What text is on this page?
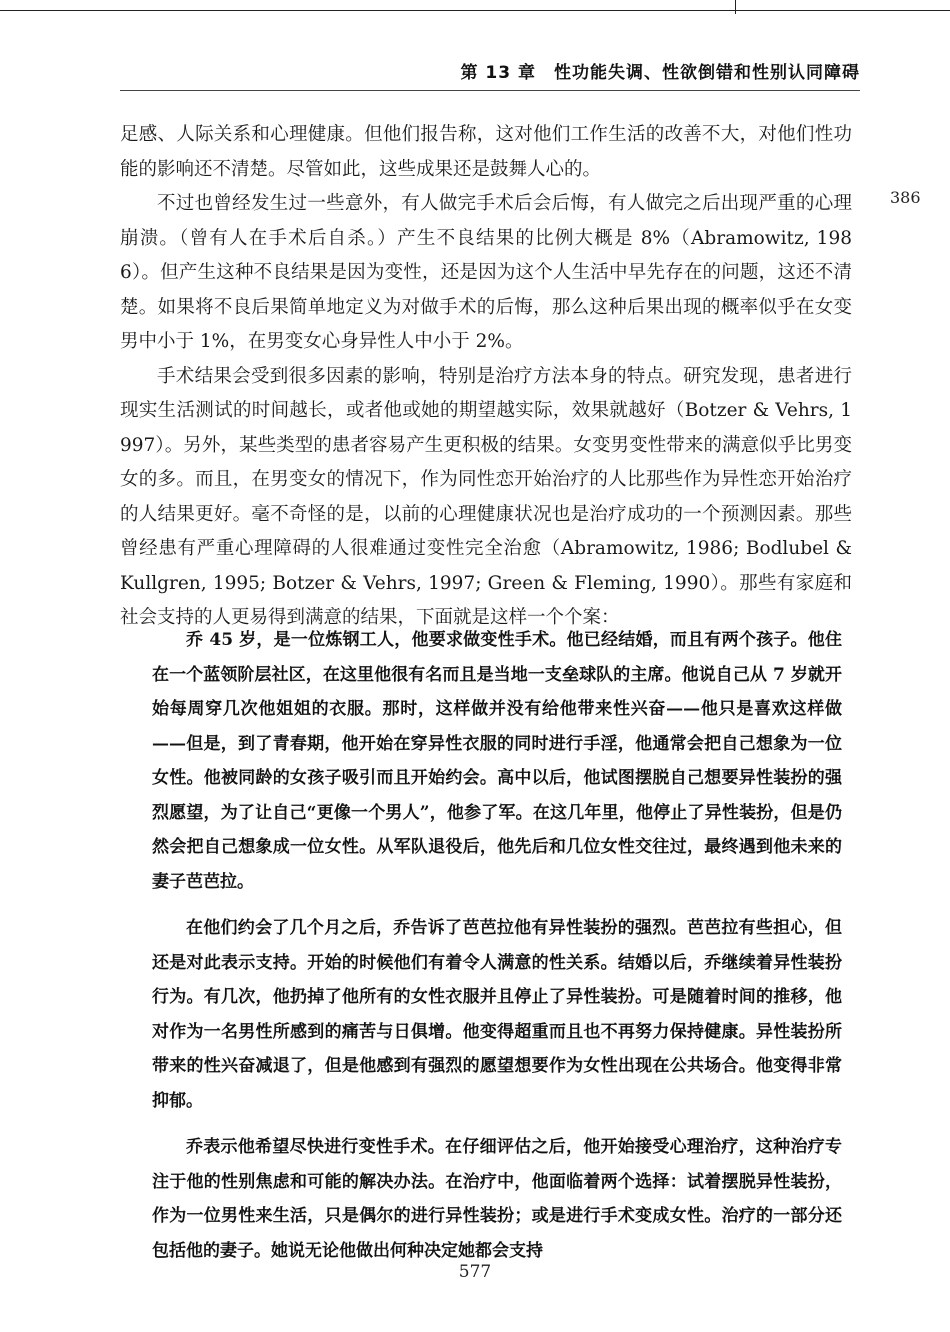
第 13 章　性功能失调、性欲倒错和性别认同障碍
386

足感、人际关系和心理健康。但他们报告称，这对他们工作生活的改善不大，对他们性功能的影响还不清楚。尽管如此，这些成果还是鼓舞人心的。

不过也曾经发生过一些意外，有人做完手术后会后悔，有人做完之后出现严重的心理崩溃。（曾有人在手术后自杀。）产生不良结果的比例大概是 8%（Abramowitz, 1986）。但产生这种不良结果是因为变性，还是因为这个人生活中早先存在的问题，这还不清楚。如果将不良后果简单地定义为对做手术的后悔，那么这种后果出现的概率似乎在女变男中小于 1%，在男变女心身异性人中小于 2%。

手术结果会受到很多因素的影响，特别是治疗方法本身的特点。研究发现，患者进行现实生活测试的时间越长，或者他或她的期望越实际，效果就越好（Botzer & Vehrs, 1997）。另外，某些类型的患者容易产生更积极的结果。女变男变性带来的满意似乎比男变女的多。而且，在男变女的情况下，作为同性恋开始治疗的人比那些作为异性恋开始治疗的人结果更好。毫不奇怪的是，以前的心理健康状况也是治疗成功的一个预测因素。那些曾经患有严重心理障碍的人很难通过变性完全治愈（Abramowitz, 1986; Bodlubel & Kullgren, 1995; Botzer & Vehrs, 1997; Green & Fleming, 1990）。那些有家庭和社会支持的人更易得到满意的结果，下面就是这样一个个案：

乔 45 岁，是一位炼钢工人，他要求做变性手术。他已经结婚，而且有两个孩子。他住在一个蓝领阶层社区，在这里他很有名而且是当地一支垒球队的主席。他说自己从 7 岁就开始每周穿几次他姐姐的衣服。那时，这样做并没有给他带来性兴奋——他只是喜欢这样做——但是，到了青春期，他开始在穿异性衣服的同时进行手淫，他通常会把自己想象为一位女性。他被同龄的女孩子吸引而且开始约会。高中以后，他试图摆脱自己想要异性装扮的强烈愿望，为了让自己“更像一个男人”，他参了军。在这几年里，他停止了异性装扮，但是仍然会把自己想象成一位女性。从军队退役后，他先后和几位女性交往过，最终遇到他未来的妻子芭芭拉。

在他们约会了几个月之后，乔告诉了芭芭拉他有异性装扮的强烈。芭芭拉有些担心，但还是对此表示支持。开始的时候他们有着令人满意的性关系。结婚以后，乔继续着异性装扮行为。有几次，他扔掉了他所有的女性衣服并且停止了异性装扮。可是随着时间的推移，他对作为一名男性所感到的痛苦与日俱增。他变得超重而且也不再努力保持健康。异性装扮所带来的性兴奋减退了，但是他感到有强烈的愿望想要作为女性出现在公共场合。他变得非常抑郁。

乔表示他希望尽快进行变性手术。在仔细评估之后，他开始接受心理治疗，这种治疗专注于他的性别焦虑和可能的解决办法。在治疗中，他面临着两个选择：试着摆脱异性装扮，作为一位男性来生活，只是偶尔的进行异性装扮；或是进行手术变成女性。治疗的一部分还包括他的妻子。她说无论他做出何种决定她都会支持

577
